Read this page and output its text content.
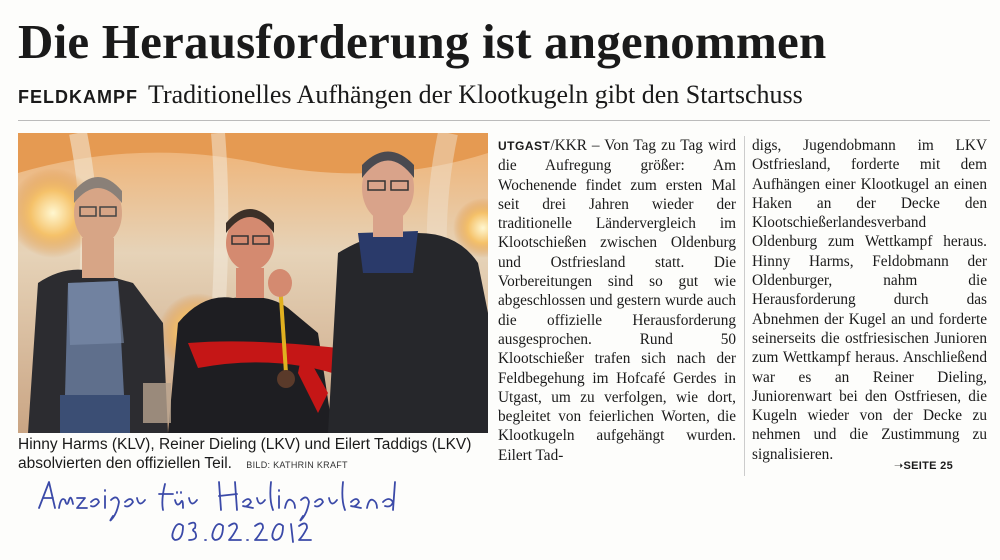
Die Herausforderung ist angenommen
FELDKAMPF Traditionelles Aufhängen der Klootkugeln gibt den Startschuss
Hinny Harms (KLV), Reiner Dieling (LKV) und Eilert Taddigs (LKV) absolvierten den offiziellen Teil. BILD: KATHRIN KRAFT
UTGAST/KKR – Von Tag zu Tag wird die Aufregung größer: Am Wochenende findet zum ersten Mal seit drei Jahren wieder der traditionelle Ländervergleich im Klootschießen zwischen Oldenburg und Ostfriesland statt. Die Vorbereitungen sind so gut wie abgeschlossen und gestern wurde auch die offizielle Herausforderung ausgesprochen. Rund 50 Klootschießer trafen sich nach der Feldbegehung im Hofcafé Gerdes in Utgast, um zu verfolgen, wie dort, begleitet von feierlichen Worten, die Klootkugeln aufgehängt wurden. Eilert Tad-
digs, Jugendobmann im LKV Ostfriesland, forderte mit dem Aufhängen einer Klootkugel an einen Haken an der Decke den Klootschießerlandesverband Oldenburg zum Wettkampf heraus. Hinny Harms, Feldobmann der Oldenburger, nahm die Herausforderung durch das Abnehmen der Kugel an und forderte seinerseits die ostfriesischen Junioren zum Wettkampf heraus. Anschließend war es an Reiner Dieling, Juniorenwart bei den Ostfriesen, die Kugeln wieder von der Decke zu nehmen und die Zustimmung zu signalisieren.
➝SEITE 25
